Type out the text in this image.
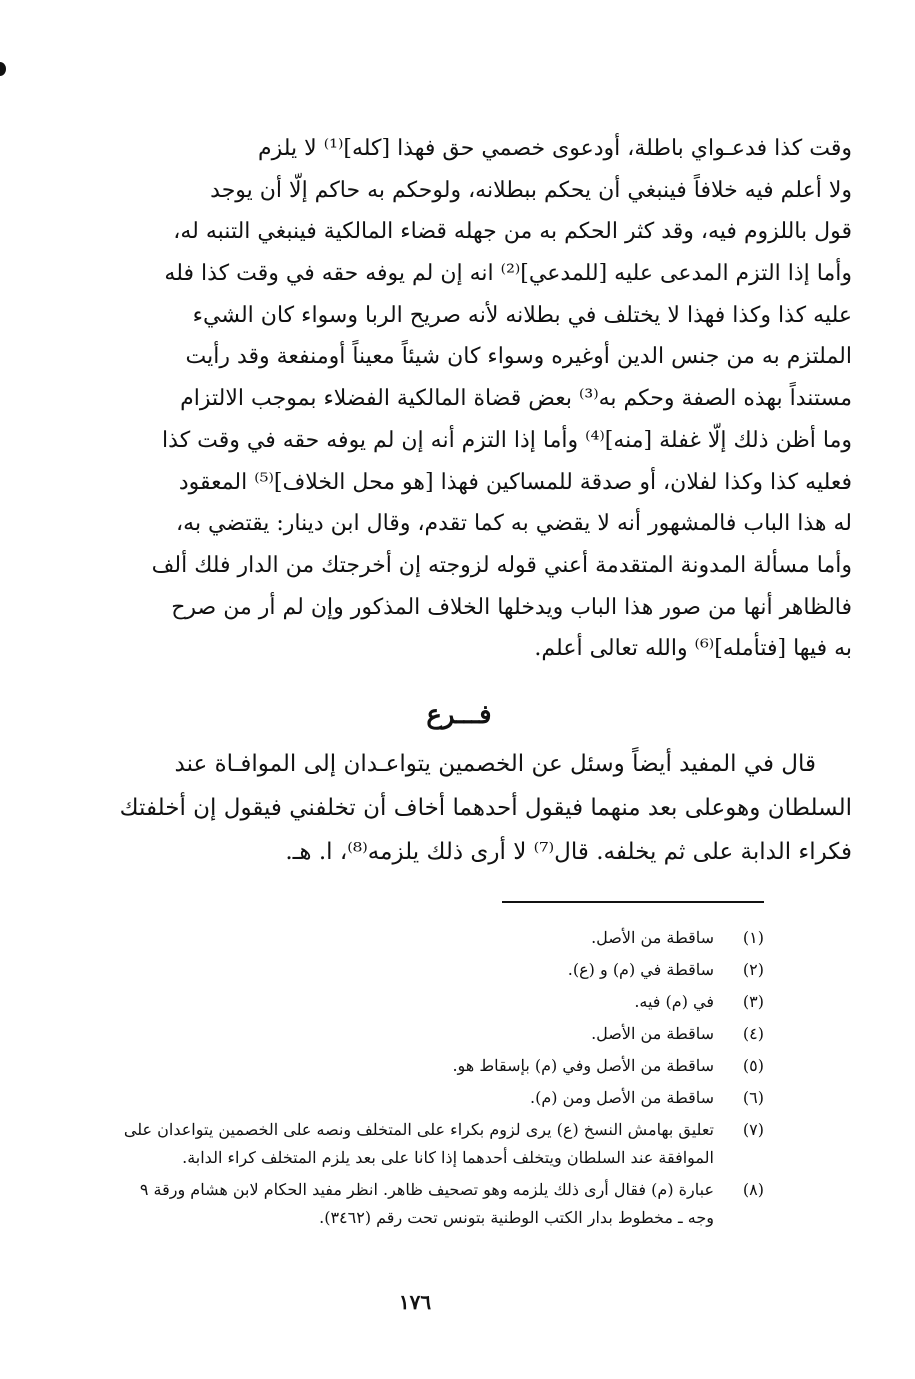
وقت كذا فدعـواي باطلة، أودعوى خصمي حق فهذا [كله]⁽¹⁾ لا يلزم
ولا أعلم فيه خلافاً فينبغي أن يحكم ببطلانه، ولوحكم به حاكم إلّا أن يوجد
قول باللزوم فيه، وقد كثر الحكم به من جهله قضاء المالكية فينبغي التنبه له،
وأما إذا التزم المدعى عليه [للمدعي]⁽²⁾ انه إن لم يوفه حقه في وقت كذا فله
عليه كذا وكذا فهذا لا يختلف في بطلانه لأنه صريح الربا وسواء كان الشيء
الملتزم به من جنس الدين أوغيره وسواء كان شيئاً معيناً أومنفعة وقد رأيت
مستنداً بهذه الصفة وحكم به⁽³⁾ بعض قضاة المالكية الفضلاء بموجب الالتزام
وما أظن ذلك إلّا غفلة [منه]⁽⁴⁾ وأما إذا التزم أنه إن لم يوفه حقه في وقت كذا
فعليه كذا وكذا لفلان، أو صدقة للمساكين فهذا [هو محل الخلاف]⁽⁵⁾ المعقود
له هذا الباب فالمشهور أنه لا يقضي به كما تقدم، وقال ابن دينار: يقتضي به،
وأما مسألة المدونة المتقدمة أعني قوله لزوجته إن أخرجتك من الدار فلك ألف
فالظاهر أنها من صور هذا الباب ويدخلها الخلاف المذكور وإن لم أر من صرح
به فيها [فتأمله]⁽⁶⁾ والله تعالى أعلم.
فـــرع
قال في المفيد أيضاً وسئل عن الخصمين يتواعـدان إلى الموافـاة عند
السلطان وهوعلى بعد منهما فيقول أحدهما أخاف أن تخلفني فيقول إن أخلفتك
فكراء الدابة على ثم يخلفه. قال⁽⁷⁾ لا أرى ذلك يلزمه⁽⁸⁾، ا. هـ.
(١)
ساقطة من الأصل.
(٢)
ساقطة في (م) و (ع).
(٣)
في (م) فيه.
(٤)
ساقطة من الأصل.
(٥)
ساقطة من الأصل وفي (م) بإسقاط هو.
(٦)
ساقطة من الأصل ومن (م).
(٧)
تعليق بهامش النسخ (ع) يرى لزوم بكراء على المتخلف ونصه على الخصمين يتواعدان على
الموافقة عند السلطان ويتخلف أحدهما إذا كانا على بعد يلزم المتخلف كراء الدابة.
(٨)
عبارة (م) فقال أرى ذلك يلزمه وهو تصحيف ظاهر. انظر مفيد الحكام لابن هشام ورقة ٩
وجه ـ مخطوط بدار الكتب الوطنية بتونس تحت رقم (٣٤٦٢).
١٧٦
